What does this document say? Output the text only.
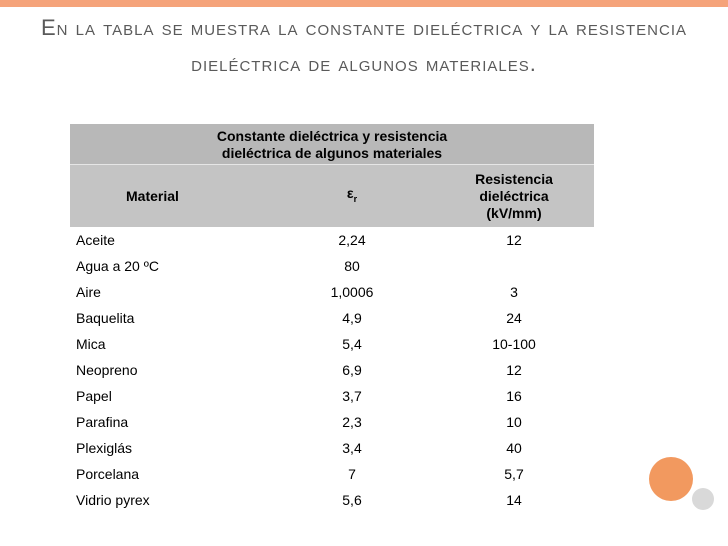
En la tabla se muestra la constante dieléctrica y la resistencia dieléctrica de algunos materiales.
Constante dieléctrica y resistencia dieléctrica de algunos materiales		
Material	$\varepsilon_r$	Resistencia dieléctrica (kV/mm)
Aceite	2,24	12
Agua a 20 ºC	80	
Aire	1,0006	3
Baquelita	4,9	24
Mica	5,4	10-100
Neopreno	6,9	12
Papel	3,7	16
Parafina	2,3	10
Plexiglás	3,4	40
Porcelana	7	5,7
Vidrio pyrex	5,6	14
